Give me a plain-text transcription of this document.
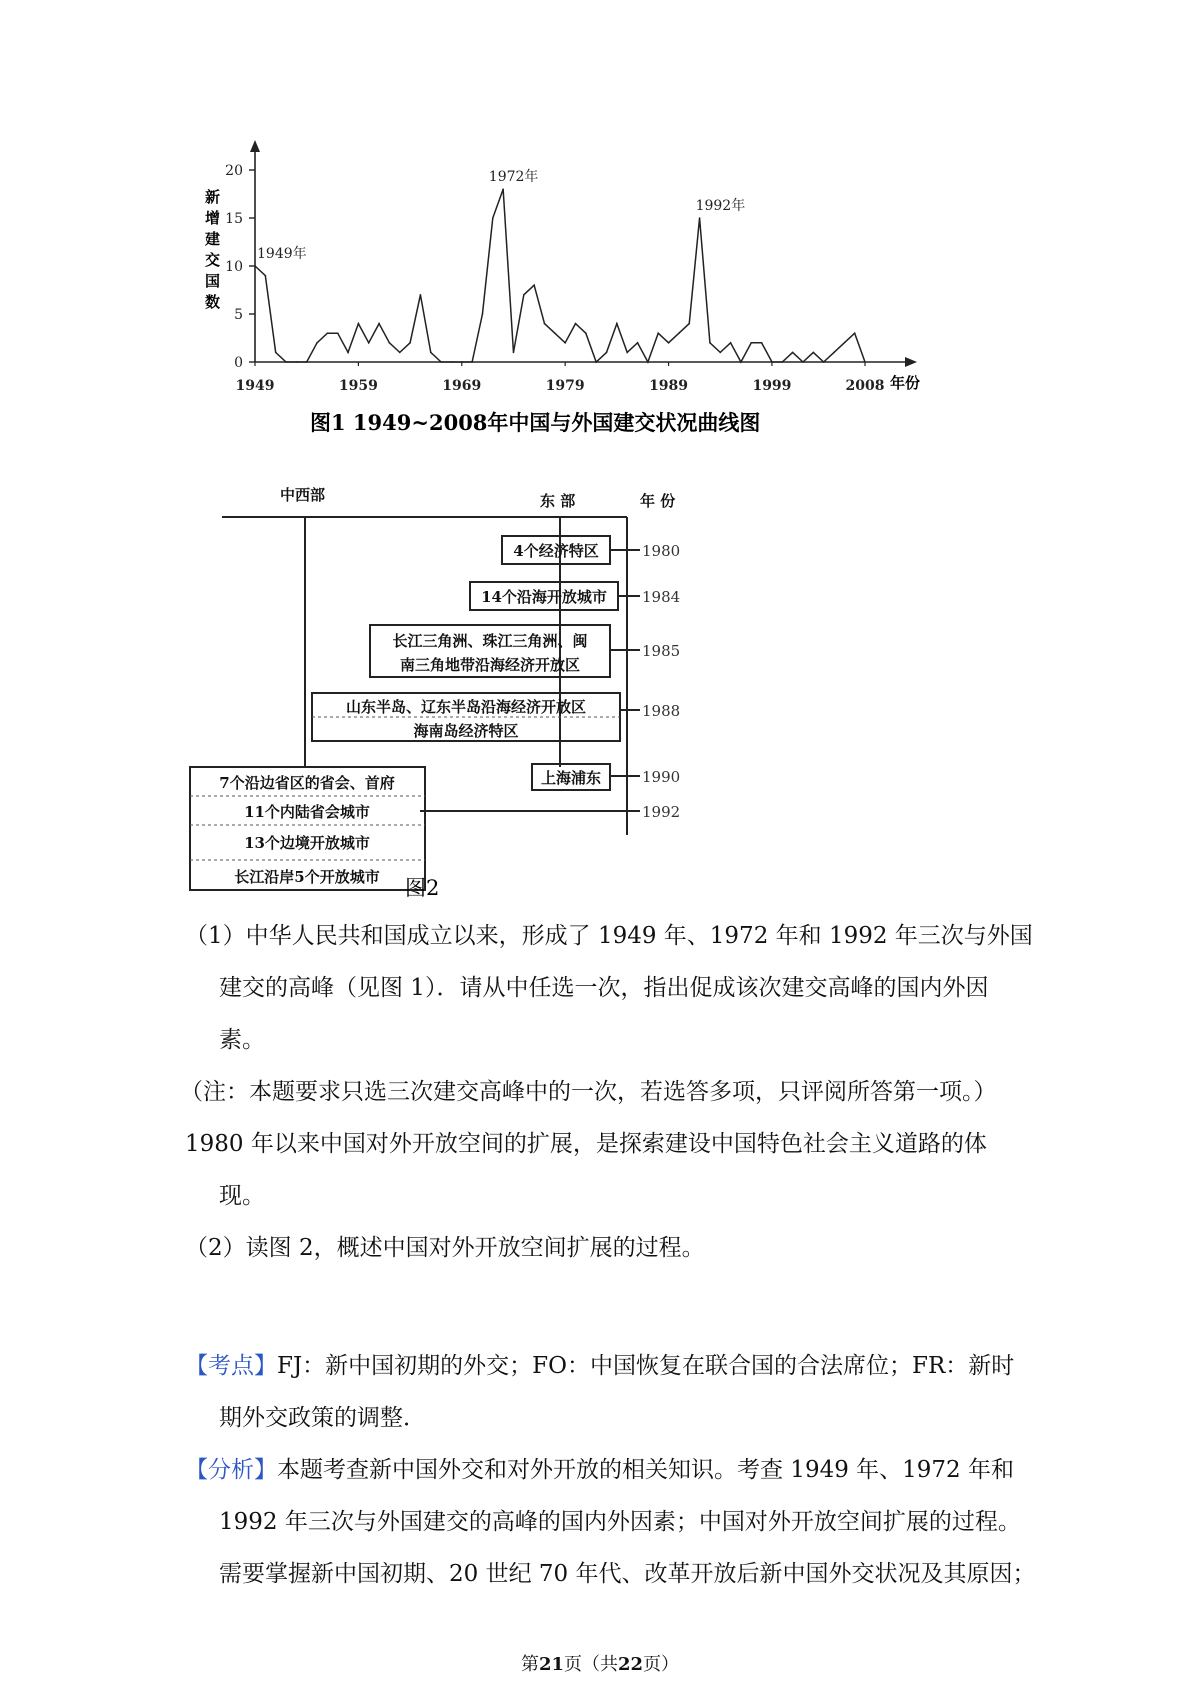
0
5
10
15
20
1949	1959	1969	1979	1989	1999	2008
1949年
1972年
1992年
新增建交国数
年份
图1 1949~2008年中国与外国建交状况曲线图
中西部	东 部	年 份
4个经济特区
14个沿海开放城市
长江三角洲、珠江三角洲、闽
南三角地带沿海经济开放区
山东半岛、辽东半岛沿海经济开放区
海南岛经济特区
上海浦东
7个沿边省区的省会、首府
11个内陆省会城市
13个边境开放城市
长江沿岸5个开放城市
1980
1984
1985
1988
1990
1992
图2
（1）中华人民共和国成立以来，形成了 1949 年、1972 年和 1992 年三次与外国
建交的高峰（见图 1）．请从中任选一次，指出促成该次建交高峰的国内外因
素。
（注：本题要求只选三次建交高峰中的一次，若选答多项，只评阅所答第一项。）
1980 年以来中国对外开放空间的扩展，是探索建设中国特色社会主义道路的体
现。
（2）读图 2，概述中国对外开放空间扩展的过程。
【考点】FJ：新中国初期的外交；FO：中国恢复在联合国的合法席位；FR：新时
期外交政策的调整．
【分析】本题考查新中国外交和对外开放的相关知识。考查 1949 年、1972 年和
1992 年三次与外国建交的高峰的国内外因素；中国对外开放空间扩展的过程。
需要掌握新中国初期、20 世纪 70 年代、改革开放后新中国外交状况及其原因；
第21页（共22页）
